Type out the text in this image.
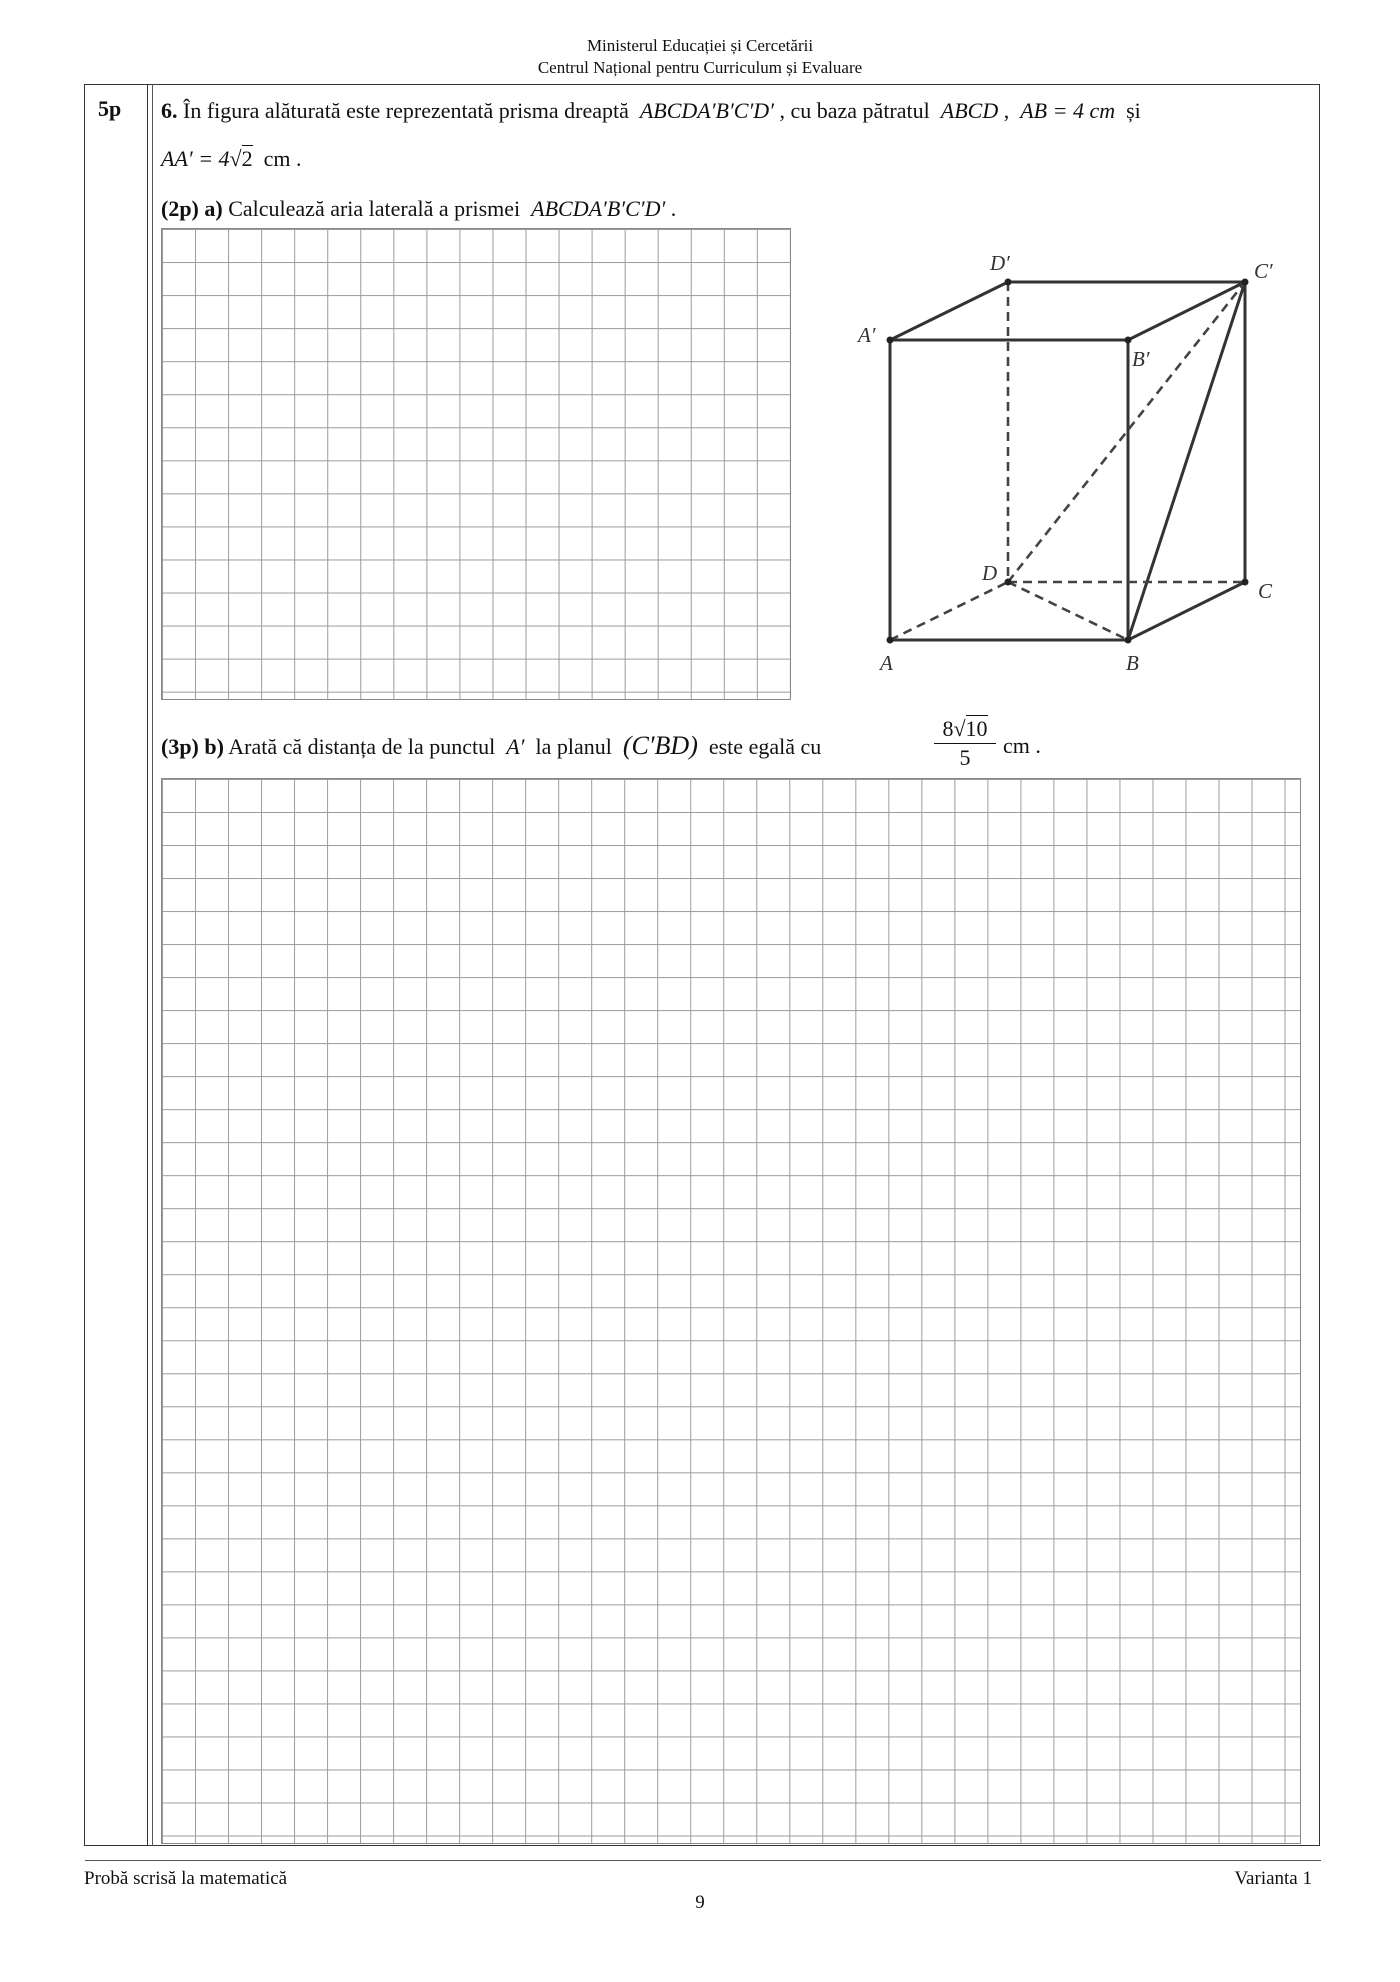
Ministerul Educației și Cercetării
Centrul Național pentru Curriculum și Evaluare
5p 6. În figura alăturată este reprezentată prisma dreaptă ABCDA′B′C′D′ , cu baza pătratul ABCD ,  AB = 4 cm și
AA′ = 4√2 cm .
(2p) a) Calculează aria laterală a prismei ABCDA′B′C′D′ .
A	B
C
D
A′
B′
C′
D′
(3p) b) Arată că distanța de la punctul A′ la planul (C′BD) este egală cu	$\frac{8√10}{5}$ cm .
Probă scrisă la matematică	Varianta 1
9
